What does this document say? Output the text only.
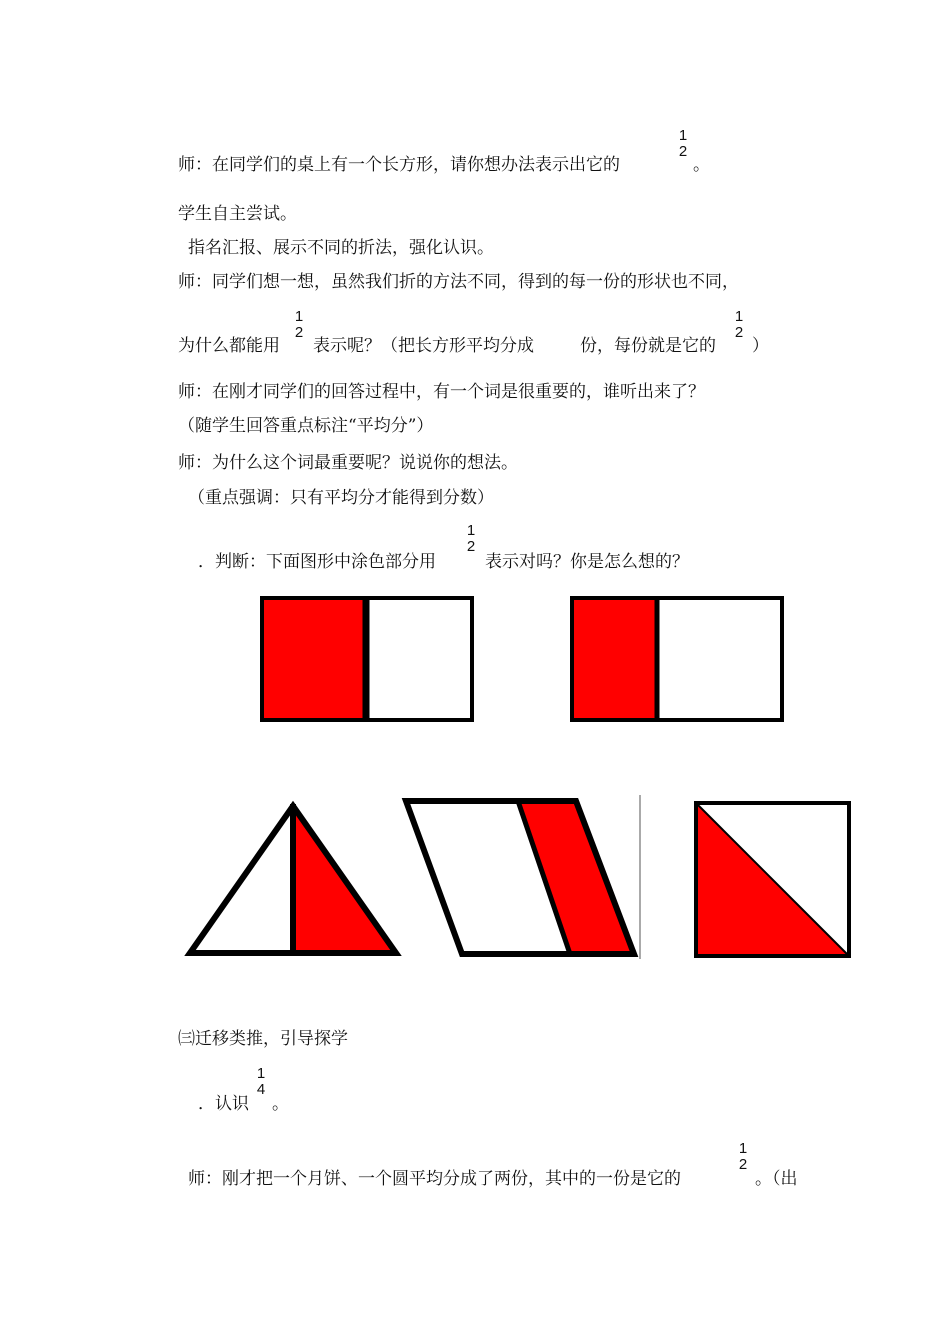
师：在同学们的桌上有一个长方形，请你想办法表示出它的
1
2
。
学生自主尝试。
指名汇报、展示不同的折法，强化认识。
师：同学们想一想，虽然我们折的方法不同，得到的每一份的形状也不同，
为什么都能用
1
2
表示呢？（把长方形平均分成	份，每份就是它的
1
2
）
师：在刚才同学们的回答过程中，有一个词是很重要的，谁听出来了？
（随学生回答重点标注“平均分”）
师：为什么这个词最重要呢？说说你的想法。
（重点强调：只有平均分才能得到分数）
．判断：下面图形中涂色部分用
1
2
表示对吗？你是怎么想的？
㈢迁移类推，引导探学
．认识
1
4
。
师：刚才把一个月饼、一个圆平均分成了两份，其中的一份是它的
1
2
。（出
